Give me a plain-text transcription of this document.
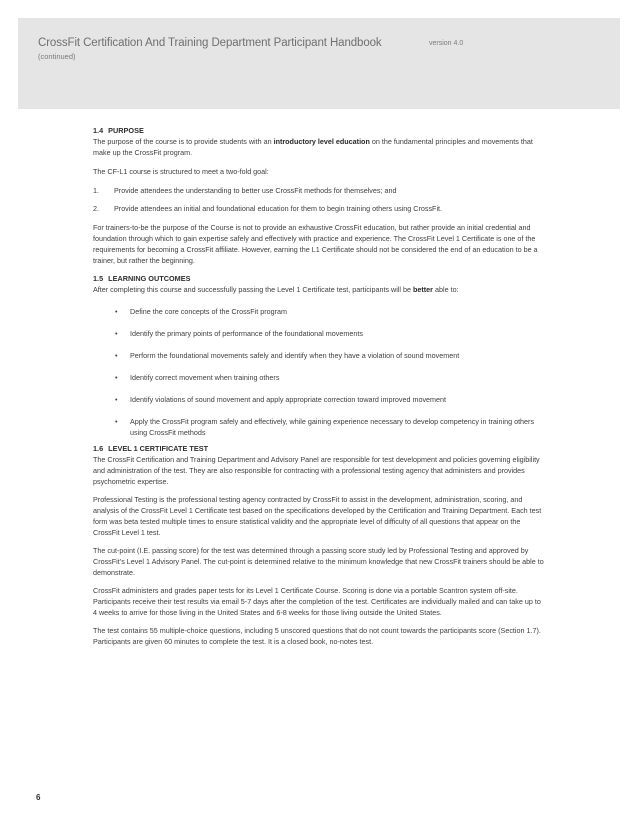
CrossFit Certification And Training Department Participant Handbook	version 4.0
(continued)
1.4 PURPOSE

The purpose of the course is to provide students with an introductory level education on the fundamental principles and movements that make up the CrossFit program.

The CF-L1 course is structured to meet a two-fold goal:

1.	Provide attendees the understanding to better use CrossFit methods for themselves; and
2.	Provide attendees an initial and foundational education for them to begin training others using CrossFit.

For trainers-to-be the purpose of the Course is not to provide an exhaustive CrossFit education, but rather provide an initial credential and foundation through which to gain expertise safely and effectively with practice and experience. The CrossFit Level 1 Certificate is one of the requirements for becoming a CrossFit affiliate. However, earning the L1 Certificate should not be considered the end of an education to be a trainer, but rather the beginning.

1.5 LEARNING OUTCOMES

After completing this course and successfully passing the Level 1 Certificate test, participants will be better able to:

•	Define the core concepts of the CrossFit program
•	Identify the primary points of performance of the foundational movements
•	Perform the foundational movements safely and identify when they have a violation of sound movement
•	Identify correct movement when training others
•	Identify violations of sound movement and apply appropriate correction toward improved movement
•	Apply the CrossFit program safely and effectively, while gaining experience necessary to develop competency in training others using CrossFit methods
1.6 LEVEL 1 CERTIFICATE TEST

The CrossFit Certification and Training Department and Advisory Panel are responsible for test development and policies governing eligibility and administration of the test. They are also responsible for contracting with a professional testing agency that administers and provides psychometric expertise.

Professional Testing is the professional testing agency contracted by CrossFit to assist in the development, administration, scoring, and analysis of the CrossFit Level 1 Certificate test based on the specifications developed by the Certification and Training Department. Each test form was beta tested multiple times to ensure statistical validity and the appropriate level of difficulty of all questions that appear on the CrossFit Level 1 test.

The cut-point (I.E. passing score) for the test was determined through a passing score study led by Professional Testing and approved by CrossFit’s Level 1 Advisory Panel. The cut-point is determined relative to the minimum knowledge that new CrossFit trainers should be able to demonstrate.

CrossFit administers and grades paper tests for its Level 1 Certificate Course. Scoring is done via a portable Scantron system off-site. Participants receive their test results via email 5-7 days after the completion of the test. Certificates are individually mailed and can take up to 4 weeks to arrive for those living in the United States and 6-8 weeks for those living outside the United States.

The test contains 55 multiple-choice questions, including 5 unscored questions that do not count towards the participants score (Section 1.7). Participants are given 60 minutes to complete the test. It is a closed book, no-notes test.

6
